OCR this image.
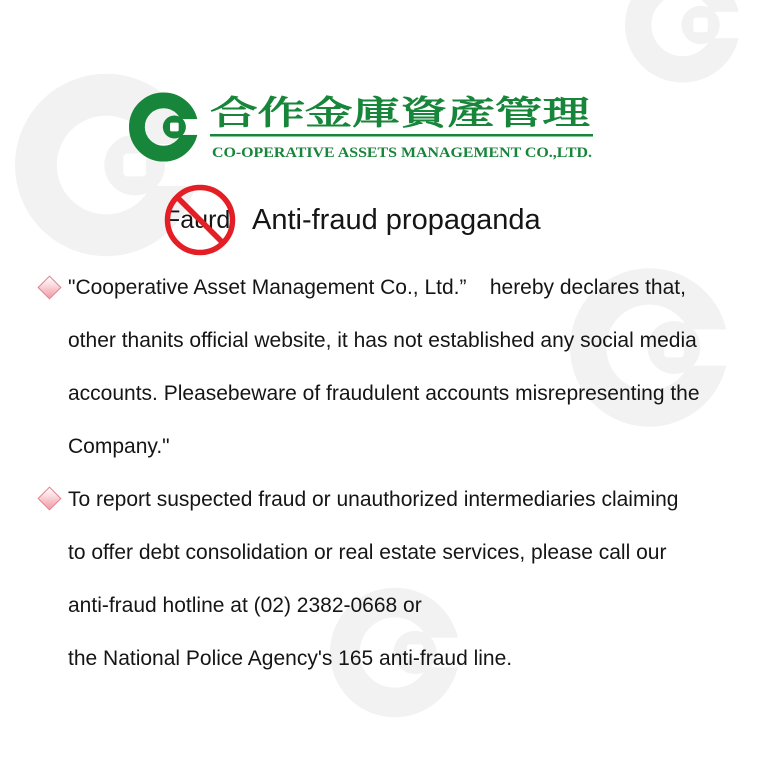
合作金庫資產管理
CO-OPERATIVE ASSETS MANAGEMENT CO.,LTD.
Faurd Anti-fraud propaganda
"Cooperative Asset Management Co., Ltd.”    hereby declares that,
other thanits official website, it has not established any social media
accounts. Pleasebeware of fraudulent accounts misrepresenting the
Company."
To report suspected fraud or unauthorized intermediaries claiming
to offer debt consolidation or real estate services, please call our
anti-fraud hotline at (02) 2382-0668 or
the National Police Agency's 165 anti-fraud line.
